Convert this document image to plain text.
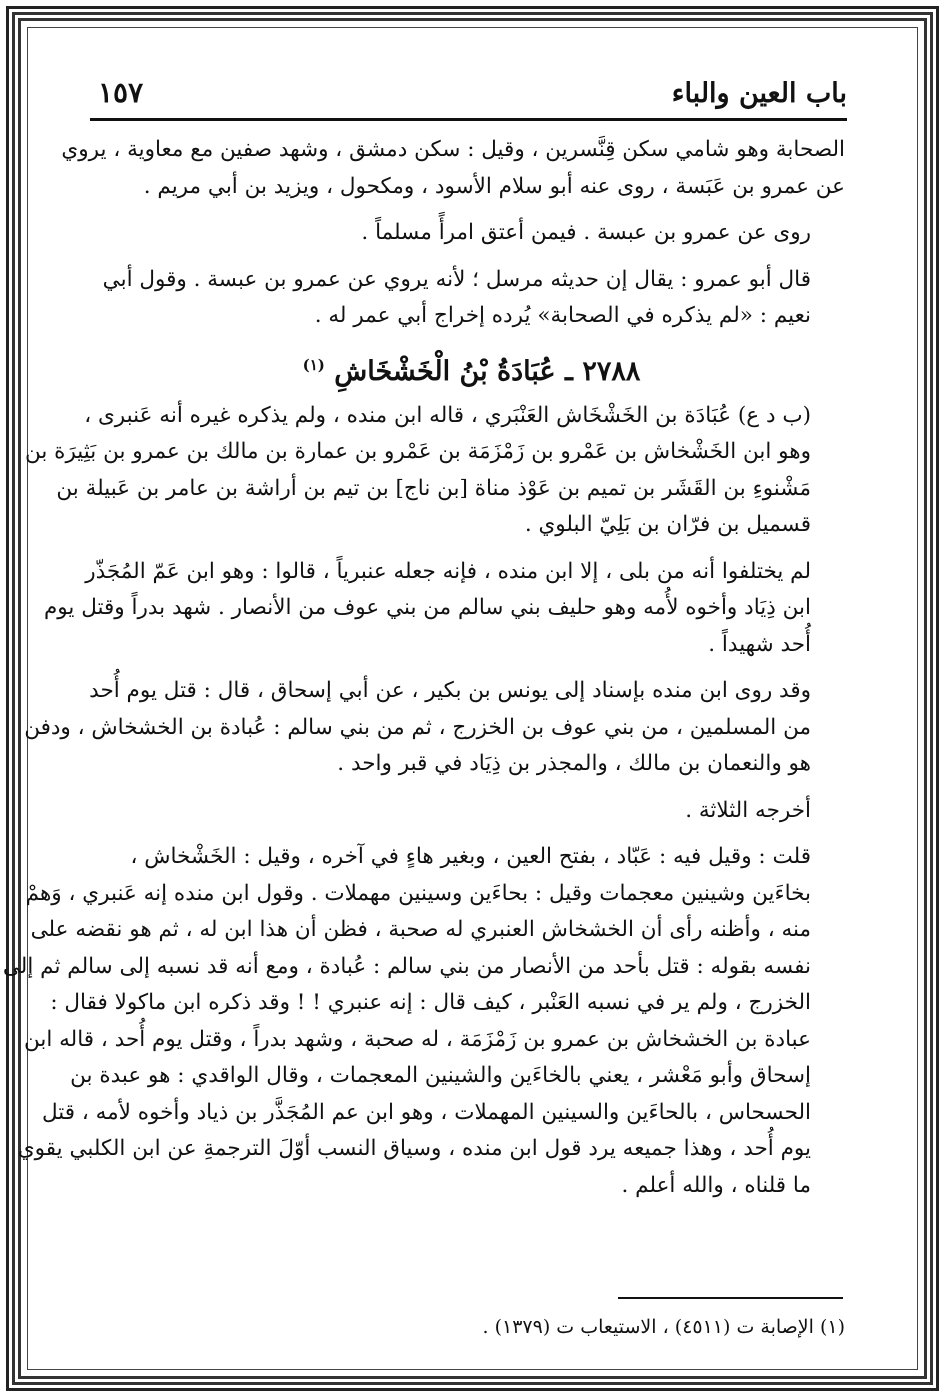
باب العين والباء
١٥٧

الصحابة وهو شامي سكن قِنَّسرين ، وقيل : سكن دمشق ، وشهد صفين مع معاوية ، يروي
عن عمرو بن عَبَسة ، روى عنه أبو سلام الأسود ، ومكحول ، ويزيد بن أبي مريم .

روى عن عمرو بن عبسة . فيمن أعتق امرأً مسلماً .

قال أبو عمرو : يقال إن حديثه مرسل ؛ لأنه يروي عن عمرو بن عبسة . وقول أبي
نعيم : «لم يذكره في الصحابة» يُرده إخراج أبي عمر له .

٢٧٨٨ ـ عُبَادَةُ بْنُ الْخَشْخَاشِ $^{(١)}$

(ب د ع) عُبَادَة بن الخَشْخَاش العَنْبَري ، قاله ابن منده ، ولم يذكره غيره أنه عَنبرى ،
وهو ابن الخَشْخاش بن عَمْرو بن زَمْزَمَة بن عَمْرو بن عمارة بن مالك بن عمرو بن بَثِيرَة بن
مَشْنوءِ بن القَشَر بن تميم بن عَوْذ مناة [بن ناج] بن تيم بن أراشة بن عامر بن عَبيلة بن
قسميل بن فرّان بن بَلِيّ البلوي .

لم يختلفوا أنه من بلى ، إلا ابن منده ، فإنه جعله عنبرياً ، قالوا : وهو ابن عَمّ المُجَذّر
ابن ذِيَاد وأخوه لأُمه وهو حليف بني سالم من بني عوف من الأنصار . شهد بدراً وقتل يوم
أُحد شهيداً .

وقد روى ابن منده بإسناد إلى يونس بن بكير ، عن أبي إسحاق ، قال : قتل يوم أُحد
من المسلمين ، من بني عوف بن الخزرج ، ثم من بني سالم : عُبادة بن الخشخاش ، ودفن
هو والنعمان بن مالك ، والمجذر بن ذِيَاد في قبر واحد .

أخرجه الثلاثة .

قلت : وقيل فيه : عَبّاد ، بفتح العين ، وبغير هاءٍ في آخره ، وقيل : الخَشْخاش ،
بخاءَين وشينين معجمات وقيل : بحاءَين وسينين مهملات . وقول ابن منده إنه عَنبري ، وَهمْ
منه ، وأظنه رأى أن الخشخاش العنبري له صحبة ، فظن أن هذا ابن له ، ثم هو نقضه على
نفسه بقوله : قتل بأحد من الأنصار من بني سالم : عُبادة ، ومع أنه قد نسبه إلى سالم ثم إلى
الخزرج ، ولم ير في نسبه العَنْبر ، كيف قال : إنه عنبري ! ! وقد ذكره ابن ماكولا فقال :
عبادة بن الخشخاش بن عمرو بن زَمْزَمَة ، له صحبة ، وشهد بدراً ، وقتل يوم أُحد ، قاله ابن
إسحاق وأبو مَعْشر ، يعني بالخاءَين والشينين المعجمات ، وقال الواقدي : هو عبدة بن
الحسحاس ، بالحاءَين والسينين المهملات ، وهو ابن عم المُجَذَّر بن ذياد وأخوه لأمه ، قتل
يوم أُحد ، وهذا جميعه يرد قول ابن منده ، وسياق النسب أوّلَ الترجمةِ عن ابن الكلبي يقوي
ما قلناه ، والله أعلم .

(١) الإصابة ت (٤٥١١) ، الاستيعاب ت (١٣٧٩) .
